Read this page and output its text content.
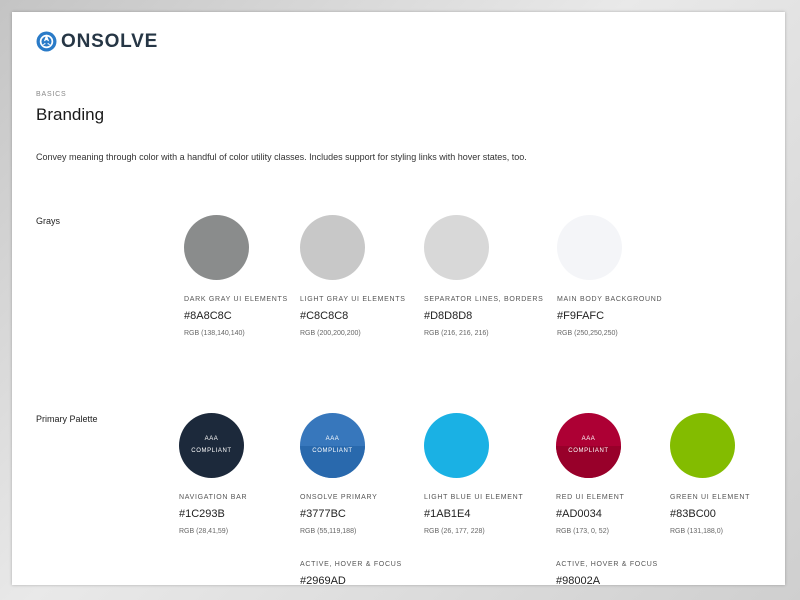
ONSOLVE
BASICS
Branding
Convey meaning through color with a handful of color utility classes. Includes support for styling links with hover states, too.
Grays
DARK GRAY UI ELEMENTS
#8A8C8C
RGB (138,140,140)
LIGHT GRAY UI ELEMENTS
#C8C8C8
RGB (200,200,200)
SEPARATOR LINES, BORDERS
#D8D8D8
RGB (216, 216, 216)
MAIN BODY BACKGROUND
#F9FAFC
RGB (250,250,250)
Primary Palette
AAA
COMPLIANT
NAVIGATION BAR
#1C293B
RGB (28,41,59)
AAA
COMPLIANT
ONSOLVE PRIMARY
#3777BC
RGB (55,119,188)
ACTIVE, HOVER & FOCUS
#2969AD
LIGHT BLUE UI ELEMENT
#1AB1E4
RGB (26, 177, 228)
AAA
COMPLIANT
RED UI ELEMENT
#AD0034
RGB (173, 0, 52)
ACTIVE, HOVER & FOCUS
#98002A
GREEN UI ELEMENT
#83BC00
RGB (131,188,0)
